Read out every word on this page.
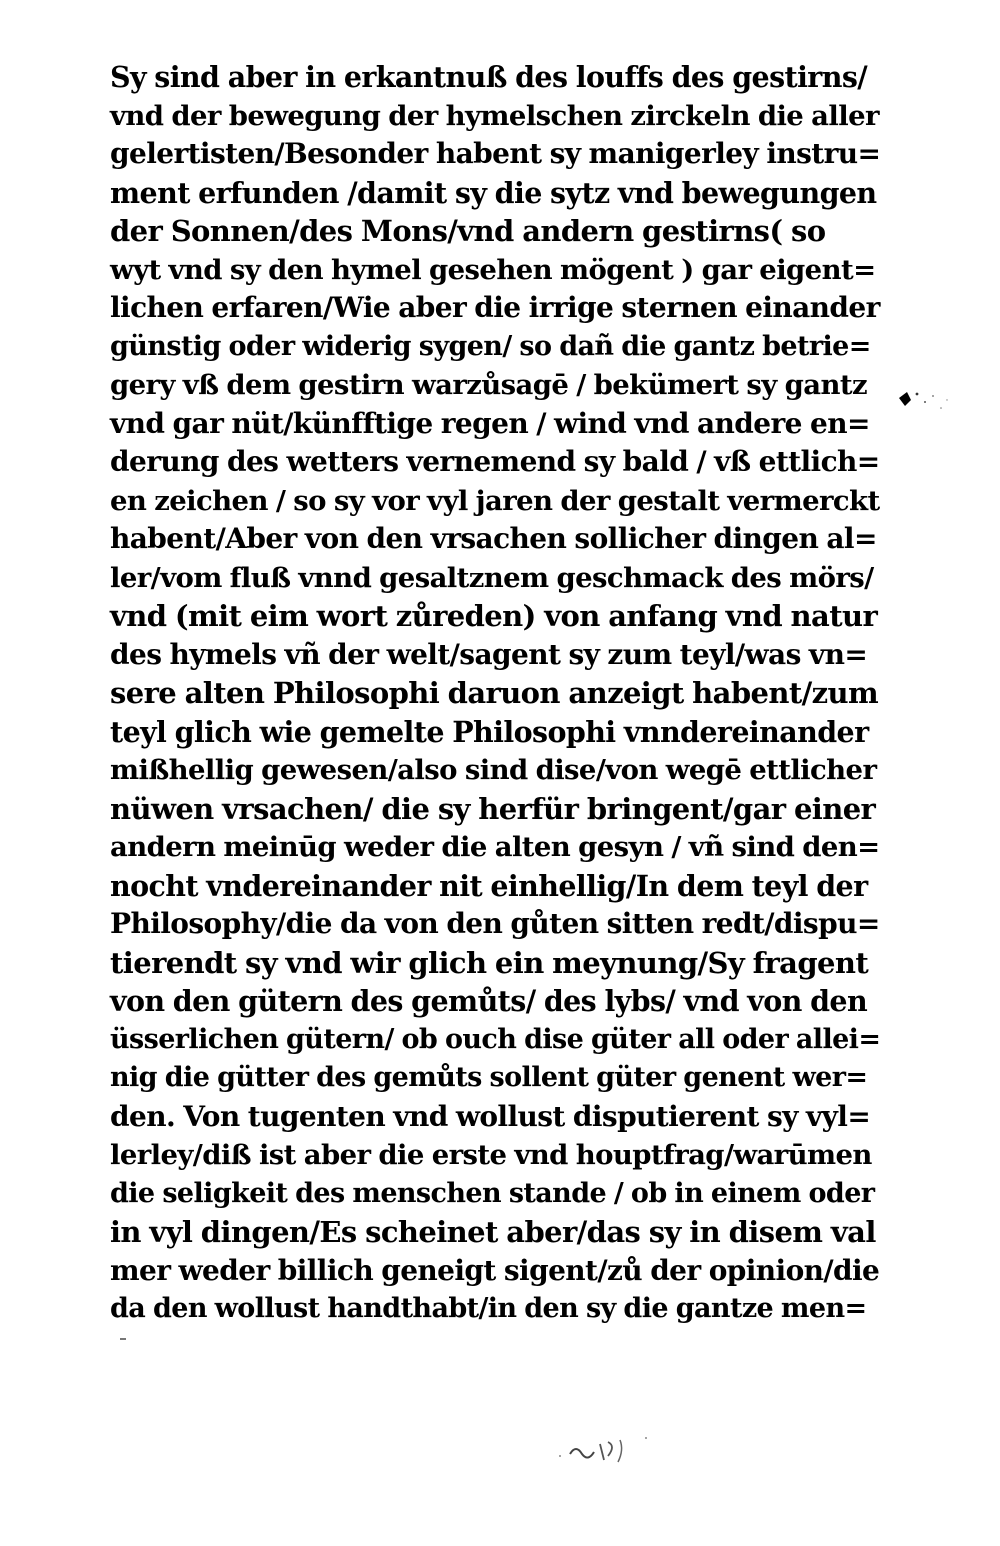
Sy sind aber in erkantnuß des louffs des gestirns/
vnd der bewegung der hymelschen zirckeln die aller
gelertisten/Besonder habent sy manigerley instru=
ment erfunden /damit sy die sytz vnd bewegungen
der Sonnen/des Mons/vnd andern gestirns( so
wyt vnd sy den hymel gesehen mögent ) gar eigent=
lichen erfaren/Wie aber die irrige sternen einander
günstig oder widerig sygen/ so dañ die gantz betrie=
gery vß dem gestirn warzůsagē / bekümert sy gantz
vnd gar nüt/künfftige regen / wind vnd andere en=
derung des wetters vernemend sy bald / vß ettlich=
en zeichen / so sy vor vyl jaren der gestalt vermerckt
habent/Aber von den vrsachen sollicher dingen al=
ler/vom fluß vnnd gesaltznem geschmack des mörs/
vnd (mit eim wort zůreden) von anfang vnd natur
des hymels vñ der welt/sagent sy zum teyl/was vn=
sere alten Philosophi daruon anzeigt habent/zum
teyl glich wie gemelte Philosophi vnndereinander
mißhellig gewesen/also sind dise/von wegē ettlicher
nüwen vrsachen/ die sy herfür bringent/gar einer
andern meinūg weder die alten gesyn / vñ sind den=
nocht vndereinander nit einhellig/In dem teyl der
Philosophy/die da von den gůten sitten redt/dispu=
tierendt sy vnd wir glich ein meynung/Sy fragent
von den gütern des gemůts/ des lybs/ vnd von den
üsserlichen gütern/ ob ouch dise güter all oder allei=
nig die gütter des gemůts sollent güter genent wer=
den. Von tugenten vnd wollust disputierent sy vyl=
lerley/diß ist aber die erste vnd houptfrag/warūmen
die seligkeit des menschen stande / ob in einem oder
in vyl dingen/Es scheinet aber/das sy in disem val
mer weder billich geneigt sigent/zů der opinion/die
da den wollust handthabt/in den sy die gantze men=
